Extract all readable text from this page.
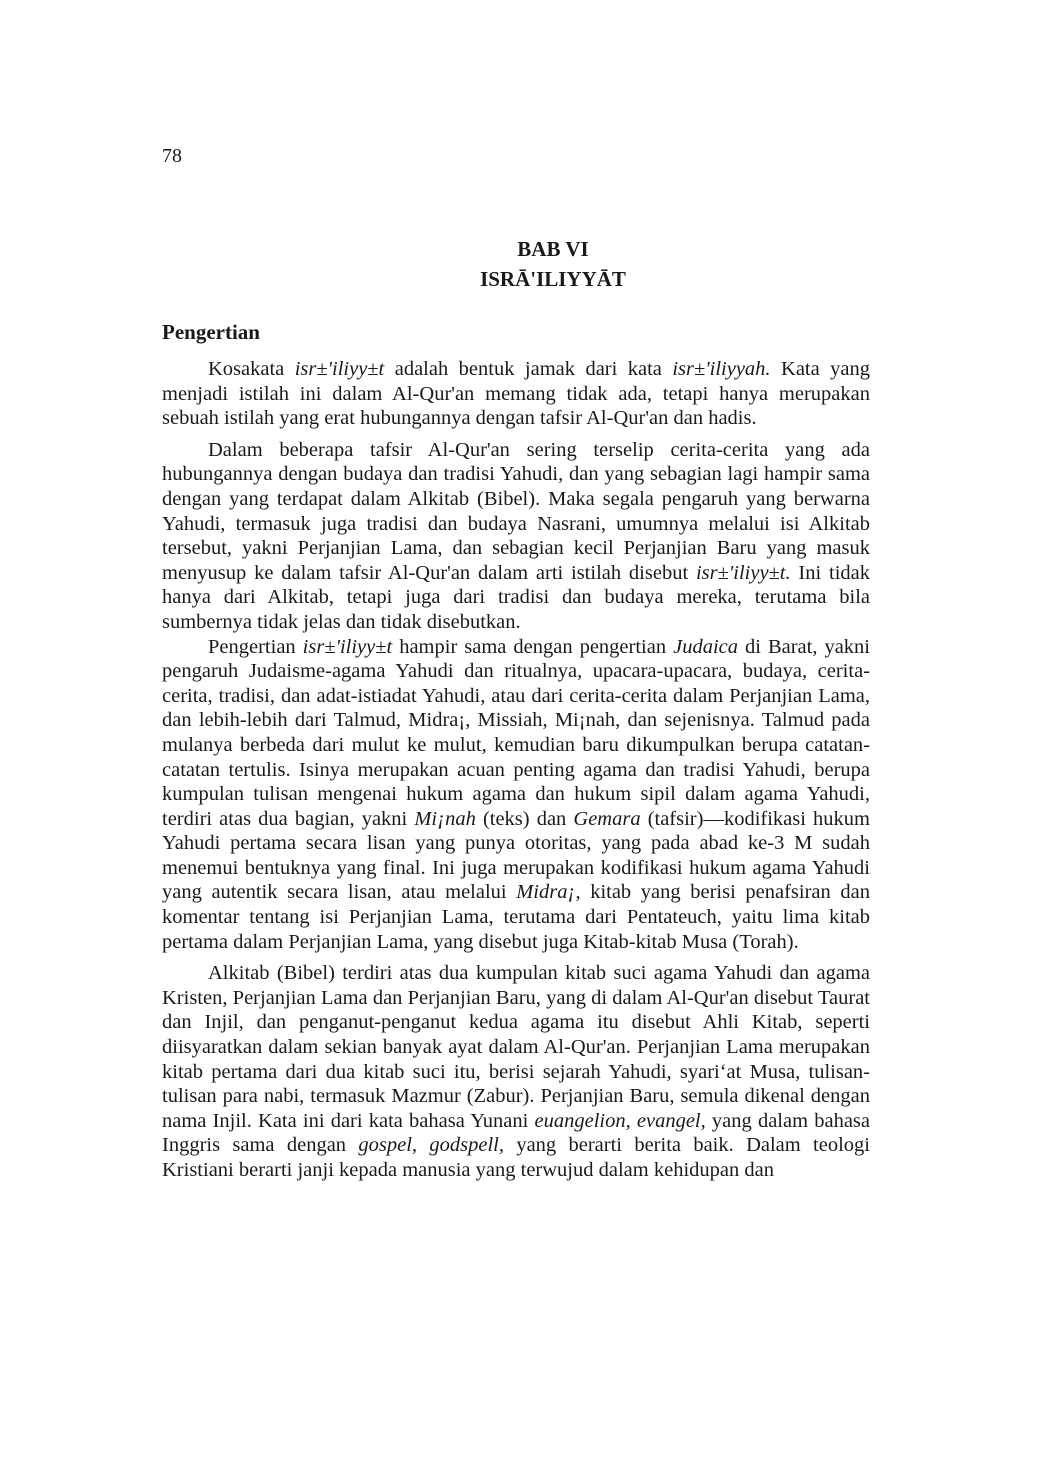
78
BAB VI
ISRĀ'ILIYYĀT
Pengertian

Kosakata isr±'iliyy±t adalah bentuk jamak dari kata isr±'iliyyah. Kata yang menjadi istilah ini dalam Al-Qur'an memang tidak ada, tetapi hanya merupakan sebuah istilah yang erat hubungannya dengan tafsir Al-Qur'an dan hadis.

Dalam beberapa tafsir Al-Qur'an sering terselip cerita-cerita yang ada hubungannya dengan budaya dan tradisi Yahudi, dan yang sebagian lagi hampir sama dengan yang terdapat dalam Alkitab (Bibel). Maka segala pengaruh yang berwarna Yahudi, termasuk juga tradisi dan budaya Nasrani, umumnya melalui isi Alkitab tersebut, yakni Perjanjian Lama, dan sebagian kecil Perjanjian Baru yang masuk menyusup ke dalam tafsir Al-Qur'an dalam arti istilah disebut isr±'iliyy±t. Ini tidak hanya dari Alkitab, tetapi juga dari tradisi dan budaya mereka, terutama bila sumbernya tidak jelas dan tidak disebutkan.

Pengertian isr±'iliyy±t hampir sama dengan pengertian Judaica di Barat, yakni pengaruh Judaisme-agama Yahudi dan ritualnya, upacara-upacara, budaya, cerita-cerita, tradisi, dan adat-istiadat Yahudi, atau dari cerita-cerita dalam Perjanjian Lama, dan lebih-lebih dari Talmud, Midra¡, Missiah, Mi¡nah, dan sejenisnya. Talmud pada mulanya berbeda dari mulut ke mulut, kemudian baru dikumpulkan berupa catatan-catatan tertulis. Isinya merupakan acuan penting agama dan tradisi Yahudi, berupa kumpulan tulisan mengenai hukum agama dan hukum sipil dalam agama Yahudi, terdiri atas dua bagian, yakni Mi¡nah (teks) dan Gemara (tafsir)—kodifikasi hukum Yahudi pertama secara lisan yang punya otoritas, yang pada abad ke-3 M sudah menemui bentuknya yang final. Ini juga merupakan kodifikasi hukum agama Yahudi yang autentik secara lisan, atau melalui Midra¡, kitab yang berisi penafsiran dan komentar tentang isi Perjanjian Lama, terutama dari Pentateuch, yaitu lima kitab pertama dalam Perjanjian Lama, yang disebut juga Kitab-kitab Musa (Torah).

Alkitab (Bibel) terdiri atas dua kumpulan kitab suci agama Yahudi dan agama Kristen, Perjanjian Lama dan Perjanjian Baru, yang di dalam Al-Qur'an disebut Taurat dan Injil, dan penganut-penganut kedua agama itu disebut Ahli Kitab, seperti diisyaratkan dalam sekian banyak ayat dalam Al-Qur'an. Perjanjian Lama merupakan kitab pertama dari dua kitab suci itu, berisi sejarah Yahudi, syari‘at Musa, tulisan-tulisan para nabi, termasuk Mazmur (Zabur). Perjanjian Baru, semula dikenal dengan nama Injil. Kata ini dari kata bahasa Yunani euangelion, evangel, yang dalam bahasa Inggris sama dengan gospel, godspell, yang berarti berita baik. Dalam teologi Kristiani berarti janji kepada manusia yang terwujud dalam kehidupan dan
